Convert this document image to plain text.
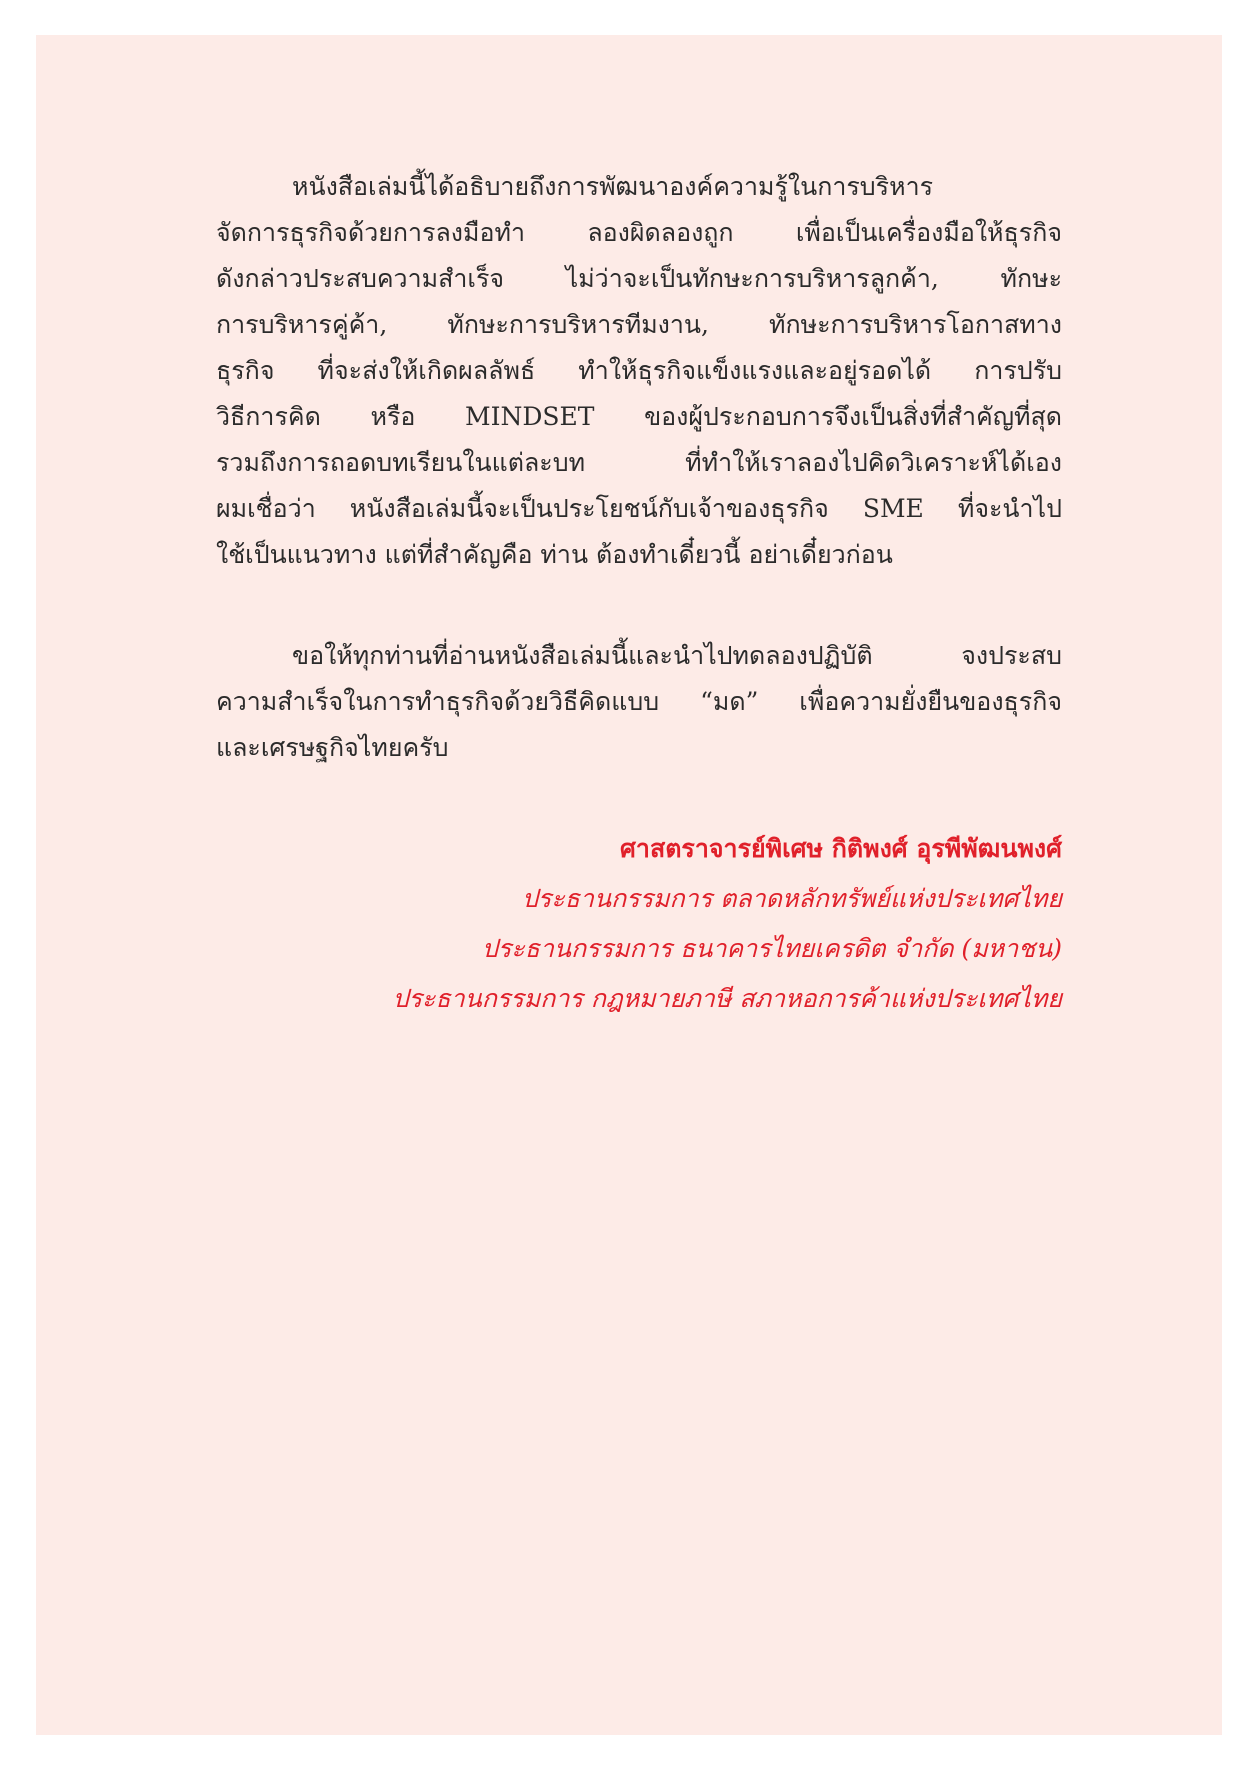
หนังสือเล่มนี้ได้อธิบายถึงการพัฒนาองค์ความรู้ในการบริหาร
จัดการธุรกิจด้วยการลงมือทำ ลองผิดลองถูก เพื่อเป็นเครื่องมือให้ธุรกิจ
ดังกล่าวประสบความสำเร็จ ไม่ว่าจะเป็นทักษะการบริหารลูกค้า, ทักษะ
การบริหารคู่ค้า, ทักษะการบริหารทีมงาน, ทักษะการบริหารโอกาสทาง
ธุรกิจ ที่จะส่งให้เกิดผลลัพธ์ ทำให้ธุรกิจแข็งแรงและอยู่รอดได้ การปรับ
วิธีการคิด หรือ MINDSET ของผู้ประกอบการจึงเป็นสิ่งที่สำคัญที่สุด
รวมถึงการถอดบทเรียนในแต่ละบท ที่ทำให้เราลองไปคิดวิเคราะห์ได้เอง
ผมเชื่อว่า หนังสือเล่มนี้จะเป็นประโยชน์กับเจ้าของธุรกิจ SME ที่จะนำไป
ใช้เป็นแนวทาง แต่ที่สำคัญคือ ท่าน ต้องทำเดี๋ยวนี้ อย่าเดี๋ยวก่อน
ขอให้ทุกท่านที่อ่านหนังสือเล่มนี้และนำไปทดลองปฏิบัติ จงประสบ
ความสำเร็จในการทำธุรกิจด้วยวิธีคิดแบบ “มด” เพื่อความยั่งยืนของธุรกิจ
และเศรษฐกิจไทยครับ
ศาสตราจารย์พิเศษ กิติพงศ์ อุรพีพัฒนพงศ์
ประธานกรรมการ ตลาดหลักทรัพย์แห่งประเทศไทย
ประธานกรรมการ ธนาคารไทยเครดิต จำกัด (มหาชน)
ประธานกรรมการ กฎหมายภาษี สภาหอการค้าแห่งประเทศไทย
